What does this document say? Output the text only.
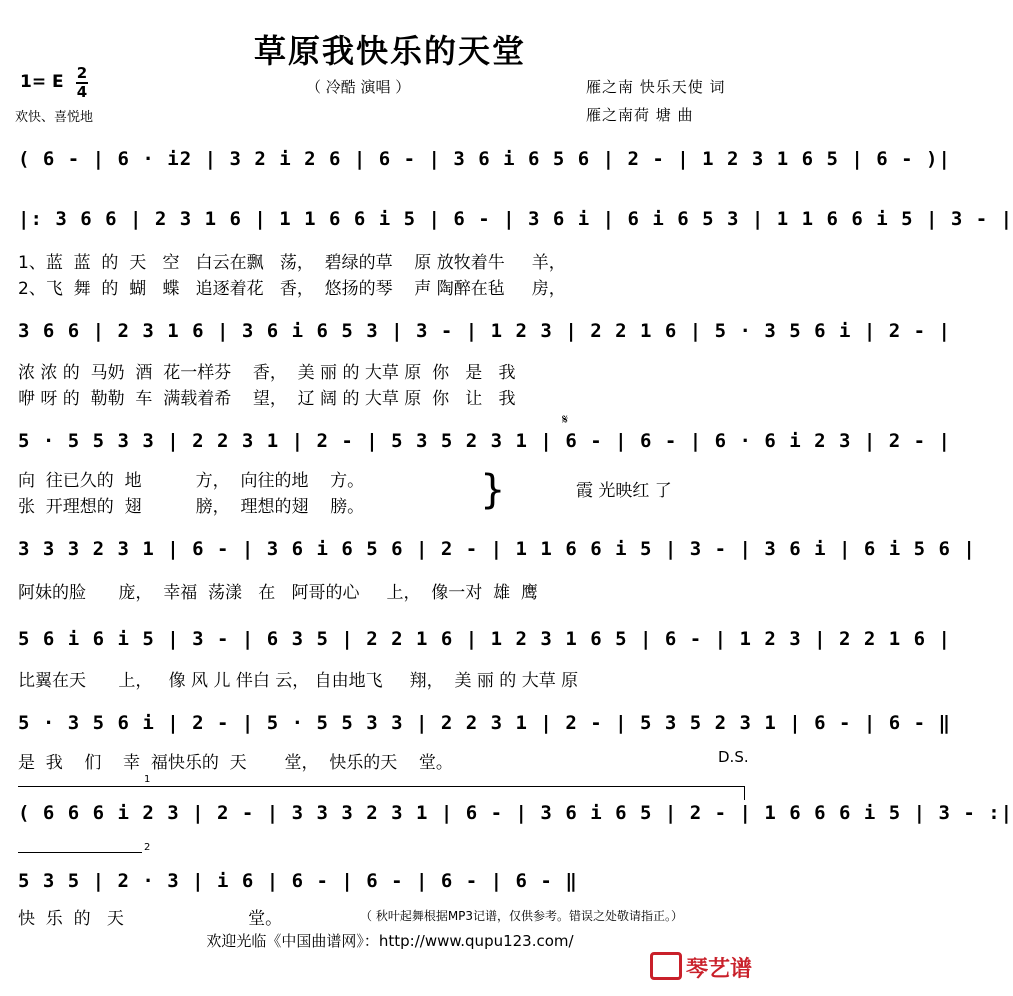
草原我快乐的天堂
1= E 2
4
欢快、喜悦地
（ 冷酷 演唱 ）	雁之南 快乐天使 词
雁之南荷 塘 曲
( 6 - | 6 · i2 | 3 2 i 2 6 | 6 - | 3 6 i 6 5 6 | 2 - | 1 2 3 1 6 5 | 6 - )|
|: 3 6 6 | 2 3 1 6 | 1 1 6 6 i 5 | 6 - | 3 6 i | 6 i 6 5 3 | 1 1 6 6 i 5 | 3 - |
1、蓝  蓝  的  天   空   白云在飘   荡，  碧绿的草    原 放牧着牛     羊，
2、飞  舞  的  蝴   蝶   追逐着花   香，  悠扬的琴    声 陶醉在毡     房，
3 6 6 | 2 3 1 6 | 3 6 i 6 5 3 | 3 - | 1 2 3 | 2 2 1 6 | 5 · 3 5 6 i | 2 - |
浓 浓 的  马奶  酒  花一样芬    香，  美 丽 的 大草 原  你   是   我
咿 呀 的  勒勒  车  满载着希    望，  辽 阔 的 大草 原  你   让   我
𝄋
5 · 5 5 3 3 | 2 2 3 1 | 2 - | 5 3 5 2 3 1 | 6 - | 6 - | 6 · 6 i 2 3 | 2 - |
向  往已久的  地          方，  向往的地    方。
张  开理想的  翅          膀，  理想的翅    膀。	}	霞 光映红 了
3 3 3 2 3 1 | 6 - | 3 6 i 6 5 6 | 2 - | 1 1 6 6 i 5 | 3 - | 3 6 i | 6 i 5 6 |
阿妹的脸      庞，  幸福  荡漾   在   阿哥的心     上，  像一对  雄  鹰
5 6 i 6 i 5 | 3 - | 6 3 5 | 2 2 1 6 | 1 2 3 1 6 5 | 6 - | 1 2 3 | 2 2 1 6 |
比翼在天      上，   像 风 儿 伴白 云， 自由地飞     翔，  美 丽 的 大草 原
5 · 3 5 6 i | 2 - | 5 · 5 5 3 3 | 2 2 3 1 | 2 - | 5 3 5 2 3 1 | 6 - | 6 - ‖
是  我    们    幸  福快乐的  天       堂，  快乐的天    堂。	D.S.
1
( 6 6 6 i 2 3 | 2 - | 3 3 3 2 3 1 | 6 - | 3 6 i 6 5 | 2 - | 1 6 6 6 i 5 | 3 - :|
2
5 3 5 | 2 · 3 | i 6 | 6 - | 6 - | 6 - | 6 - ‖
快  乐  的   天                       堂。	（ 秋叶起舞根据MP3记谱，仅供参考。错误之处敬请指正。）
欢迎光临《中国曲谱网》：http://www.qupu123.com/
琴艺谱
